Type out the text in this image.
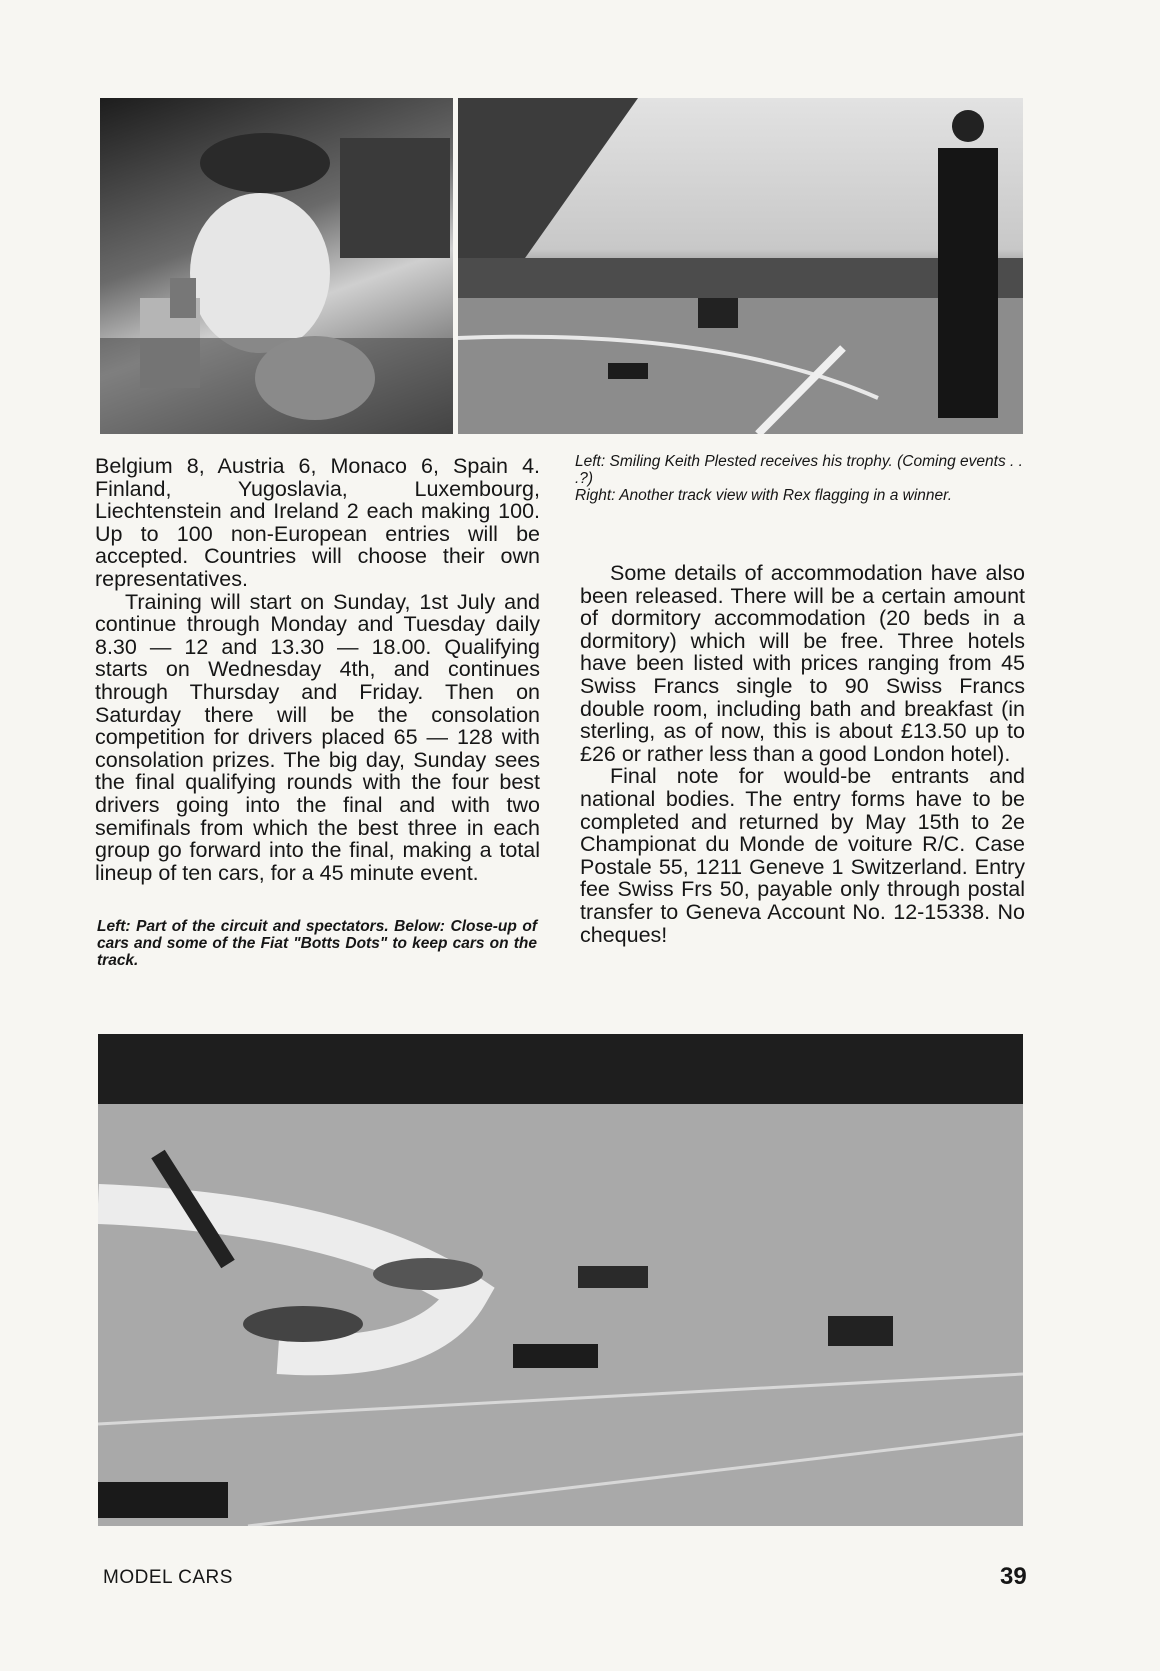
Left: Smiling Keith Plested receives his trophy. (Coming events . . .?)
Right: Another track view with Rex flagging in a winner.

Belgium 8, Austria 6, Monaco 6, Spain 4. Finland, Yugoslavia, Luxembourg, Liechtenstein and Ireland 2 each making 100. Up to 100 non-European entries will be accepted. Countries will choose their own representatives.

Training will start on Sunday, 1st July and continue through Monday and Tuesday daily 8.30 — 12 and 13.30 — 18.00. Qualifying starts on Wednesday 4th, and continues through Thursday and Friday. Then on Saturday there will be the consolation competition for drivers placed 65 — 128 with consolation prizes. The big day, Sunday sees the final qualifying rounds with the four best drivers going into the final and with two semifinals from which the best three in each group go forward into the final, making a total lineup of ten cars, for a 45 minute event.

Some details of accommodation have also been released. There will be a certain amount of dormitory accommodation (20 beds in a dormitory) which will be free. Three hotels have been listed with prices ranging from 45 Swiss Francs single to 90 Swiss Francs double room, including bath and breakfast (in sterling, as of now, this is about £13.50 up to £26 or rather less than a good London hotel).

Final note for would-be entrants and national bodies. The entry forms have to be completed and returned by May 15th to 2e Championat du Monde de voiture R/C. Case Postale 55, 1211 Geneve 1 Switzerland. Entry fee Swiss Frs 50, payable only through postal transfer to Geneva Account No. 12-15338. No cheques!

Left: Part of the circuit and spectators. Below: Close-up of cars and some of the Fiat "Botts Dots" to keep cars on the track.
MODEL CARS	39
